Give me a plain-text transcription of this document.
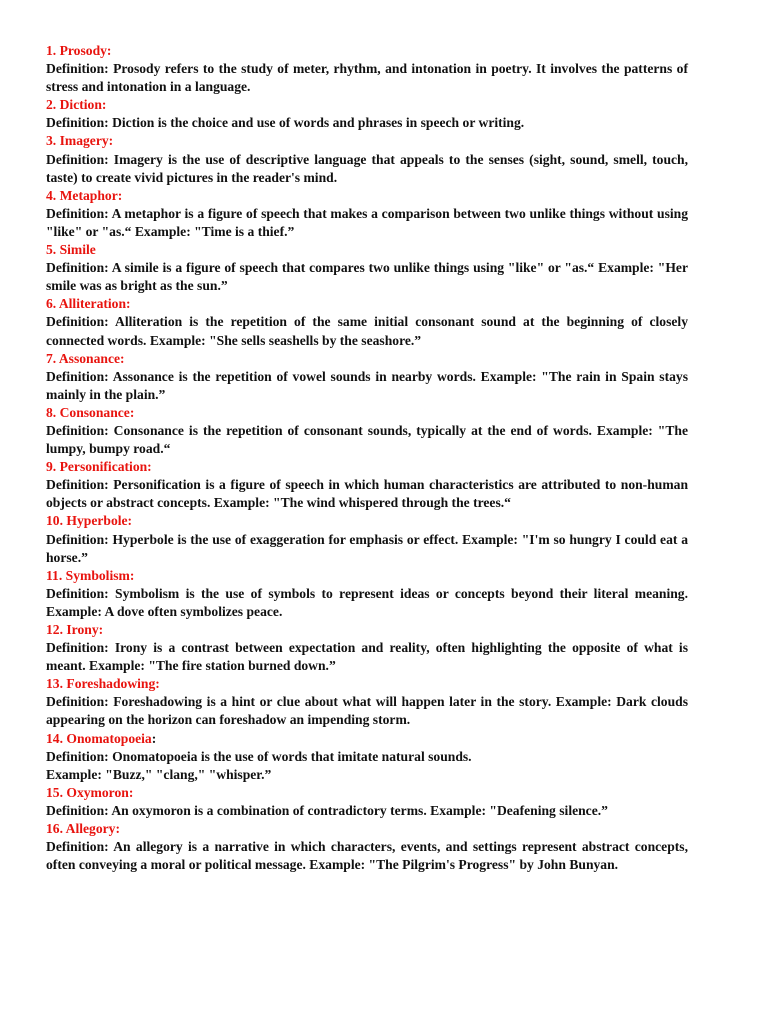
1. Prosody:
Definition: Prosody refers to the study of meter, rhythm, and intonation in poetry. It involves the patterns of stress and intonation in a language.
2. Diction:
Definition: Diction is the choice and use of words and phrases in speech or writing.
3. Imagery:
Definition: Imagery is the use of descriptive language that appeals to the senses (sight, sound, smell, touch, taste) to create vivid pictures in the reader's mind.
4. Metaphor:
Definition: A metaphor is a figure of speech that makes a comparison between two unlike things without using "like" or "as.“ Example: "Time is a thief.”
5. Simile
Definition: A simile is a figure of speech that compares two unlike things using "like" or "as.“ Example: "Her smile was as bright as the sun.”
6. Alliteration:
Definition: Alliteration is the repetition of the same initial consonant sound at the beginning of closely connected words. Example: "She sells seashells by the seashore.”
7. Assonance:
Definition: Assonance is the repetition of vowel sounds in nearby words. Example: "The rain in Spain stays mainly in the plain.”
8. Consonance:
Definition: Consonance is the repetition of consonant sounds, typically at the end of words. Example: "The lumpy, bumpy road.“
9. Personification:
Definition: Personification is a figure of speech in which human characteristics are attributed to non-human objects or abstract concepts. Example: "The wind whispered through the trees.“
10. Hyperbole:
Definition: Hyperbole is the use of exaggeration for emphasis or effect. Example: "I'm so hungry I could eat a horse.”
11. Symbolism:
Definition: Symbolism is the use of symbols to represent ideas or concepts beyond their literal meaning. Example: A dove often symbolizes peace.
12. Irony:
Definition: Irony is a contrast between expectation and reality, often highlighting the opposite of what is meant. Example: "The fire station burned down.”
13. Foreshadowing:
Definition: Foreshadowing is a hint or clue about what will happen later in the story. Example: Dark clouds appearing on the horizon can foreshadow an impending storm.
14. Onomatopoeia:
Definition: Onomatopoeia is the use of words that imitate natural sounds.
Example: "Buzz," "clang," "whisper.”
15. Oxymoron:
Definition: An oxymoron is a combination of contradictory terms. Example: "Deafening silence.”
16. Allegory:
Definition: An allegory is a narrative in which characters, events, and settings represent abstract concepts, often conveying a moral or political message. Example: "The Pilgrim's Progress" by John Bunyan.
